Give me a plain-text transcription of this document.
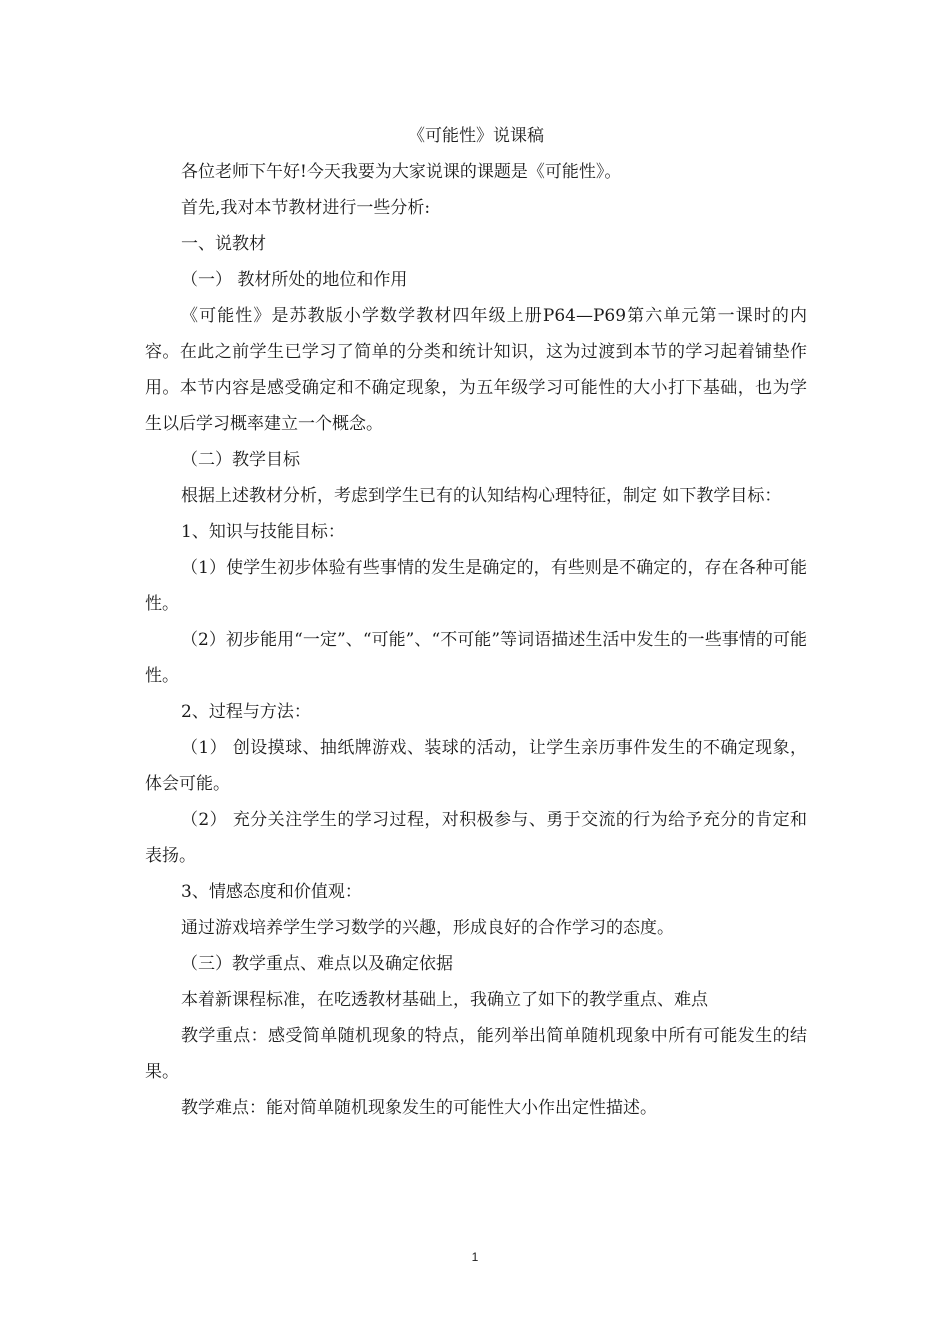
《可能性》说课稿

各位老师下午好!今天我要为大家说课的课题是《可能性》。

首先,我对本节教材进行一些分析:

一、说教材

（一） 教材所处的地位和作用

《可能性》是苏教版小学数学教材四年级上册P64—P69第六单元第一课时的内容。在此之前学生已学习了简单的分类和统计知识，这为过渡到本节的学习起着铺垫作用。本节内容是感受确定和不确定现象，为五年级学习可能性的大小打下基础，也为学生以后学习概率建立一个概念。

（二）教学目标

根据上述教材分析，考虑到学生已有的认知结构心理特征，制定 如下教学目标：

1、知识与技能目标：

（1）使学生初步体验有些事情的发生是确定的，有些则是不确定的，存在各种可能性。

（2）初步能用“一定”、“可能”、“不可能”等词语描述生活中发生的一些事情的可能性。

2、过程与方法：

（1） 创设摸球、抽纸牌游戏、装球的活动，让学生亲历事件发生的不确定现象，体会可能。

（2） 充分关注学生的学习过程，对积极参与、勇于交流的行为给予充分的肯定和表扬。

3、情感态度和价值观：

通过游戏培养学生学习数学的兴趣，形成良好的合作学习的态度。

（三）教学重点、难点以及确定依据

本着新课程标准，在吃透教材基础上，我确立了如下的教学重点、难点

教学重点：感受简单随机现象的特点，能列举出简单随机现象中所有可能发生的结果。

教学难点：能对简单随机现象发生的可能性大小作出定性描述。

1
